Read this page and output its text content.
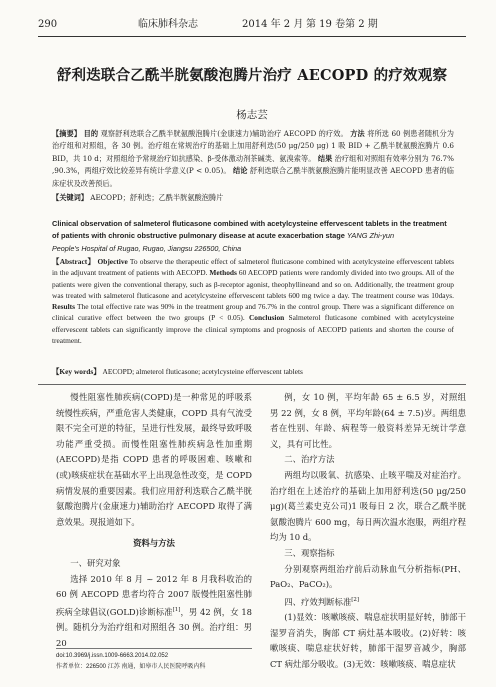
290	临床肺科杂志	2014 年 2 月 第 19 卷第 2 期
舒利迭联合乙酰半胱氨酸泡腾片治疗 AECOPD 的疗效观察
杨志芸
【摘要】 目的 观察舒利迭联合乙酰半胱氨酸泡腾片(金康速力)辅助治疗 AECOPD 的疗效。 方法 将所选 60 例患者随机分为治疗组和对照组，各 30 例。治疗组在常规治疗的基础上加用舒利迭(50 μg/250 μg) 1 吸 BID + 乙酰半胱氨酸泡腾片 0.6 BID，共 10 d；对照组给予常规治疗如抗感染、β-受体激动剂茶碱类、氨溴索等。 结果 治疗组和对照组有效率分别为 76.7% ,90.3%，两组疗效比较差异有统计学意义(P < 0.05)。 结论 舒利迭联合乙酰半胱氨酸泡腾片能明显改善 AECOPD 患者的临床症状及改善预后。
【关键词】 AECOPD；舒利迭；乙酰半胱氨酸泡腾片
Clinical observation of salmeterol fluticasone combined with acetylcysteine effervescent tablets in the treatment of patients with chronic obstructive pulmonary disease at acute exacerbation stage YANG Zhi-yun
People's Hospital of Rugao, Rugao, Jiangsu 226500, China
【Abstract】 Objective To observe the therapeutic effect of salmeterol fluticasone combined with acetylcysteine effervescent tablets in the adjuvant treatment of patients with AECOPD. Methods 60 AECOPD patients were randomly divided into two groups. All of the patients were given the conventional therapy, such as β-receptor agonist, theophyllineand and so on. Additionally, the treatment group was treated with salmeterol fluticasone and acetylcysteine effervescent tablets 600 mg twice a day. The treatment course was 10days. Results The total effective rate was 90% in the treatment group and 76.7% in the control group. There was a significant difference on clinical curative effect between the two groups (P < 0.05). Conclusion Salmeterol fluticasone combined with acetylcysteine effervescent tablets can significantly improve the clinical symptoms and prognosis of AECOPD patients and shorten the course of treatment.
【Key words】 AECOPD; almeterol fluticasone; acetylcysteine effervescent tablets

慢性阻塞性肺疾病(COPD)是一种常见的呼吸系统慢性疾病，严重危害人类健康，COPD 具有气流受限不完全可逆的特征，呈进行性发展，最终导致呼吸功能严重受损。而慢性阻塞性肺疾病急性加重期(AECOPD)是指 COPD 患者的呼吸困难、咳嗽和(或)咳痰症状在基础水平上出现急性改变，是 COPD 病情发展的重要因素。我们应用舒利迭联合乙酰半胱氨酸泡腾片(金康速力)辅助治疗 AECOPD 取得了满意效果。现报道如下。

资料与方法

一、研究对象

选择 2010 年 8 月 ~ 2012 年 8 月我科收治的 60 例 AECOPD 患者均符合 2007 版慢性阻塞性肺疾病全球倡议(GOLD)诊断标准[1]，男 42 例，女 18 例。随机分为治疗组和对照组各 30 例。治疗组：男 20

doi:10.3969/j.issn.1009-6663.2014.02.052
作者单位：226500 江苏 南通，如皋市人民医院呼吸内科

例，女 10 例，平均年龄 65 ± 6.5 岁，对照组男 22 例，女 8 例，平均年龄(64 ± 7.5)岁。两组患者在性别、年龄、病程等一般资料差异无统计学意义，具有可比性。

二、治疗方法

两组均以吸氧、抗感染、止咳平喘及对症治疗。治疗组在上述治疗的基础上加用舒利迭(50 μg/250 μg)(葛兰素史克公司)1 吸每日 2 次，联合乙酰半胱氨酸泡腾片 600 mg，每日两次温水泡服，两组疗程均为 10 d。

三、观察指标

分别观察两组治疗前后动脉血气分析指标(PH、PaO₂、PaCO₂)。

四、疗效判断标准[2]

(1)显效：咳嗽咳痰、喘息症状明显好转，肺部干湿罗音消失，胸部 CT 病灶基本吸收。(2)好转：咳嗽咳痰、喘息症状好转，肺部干湿罗音减少，胸部 CT 病灶部分吸收。(3)无效：咳嗽咳痰、喘息症状
